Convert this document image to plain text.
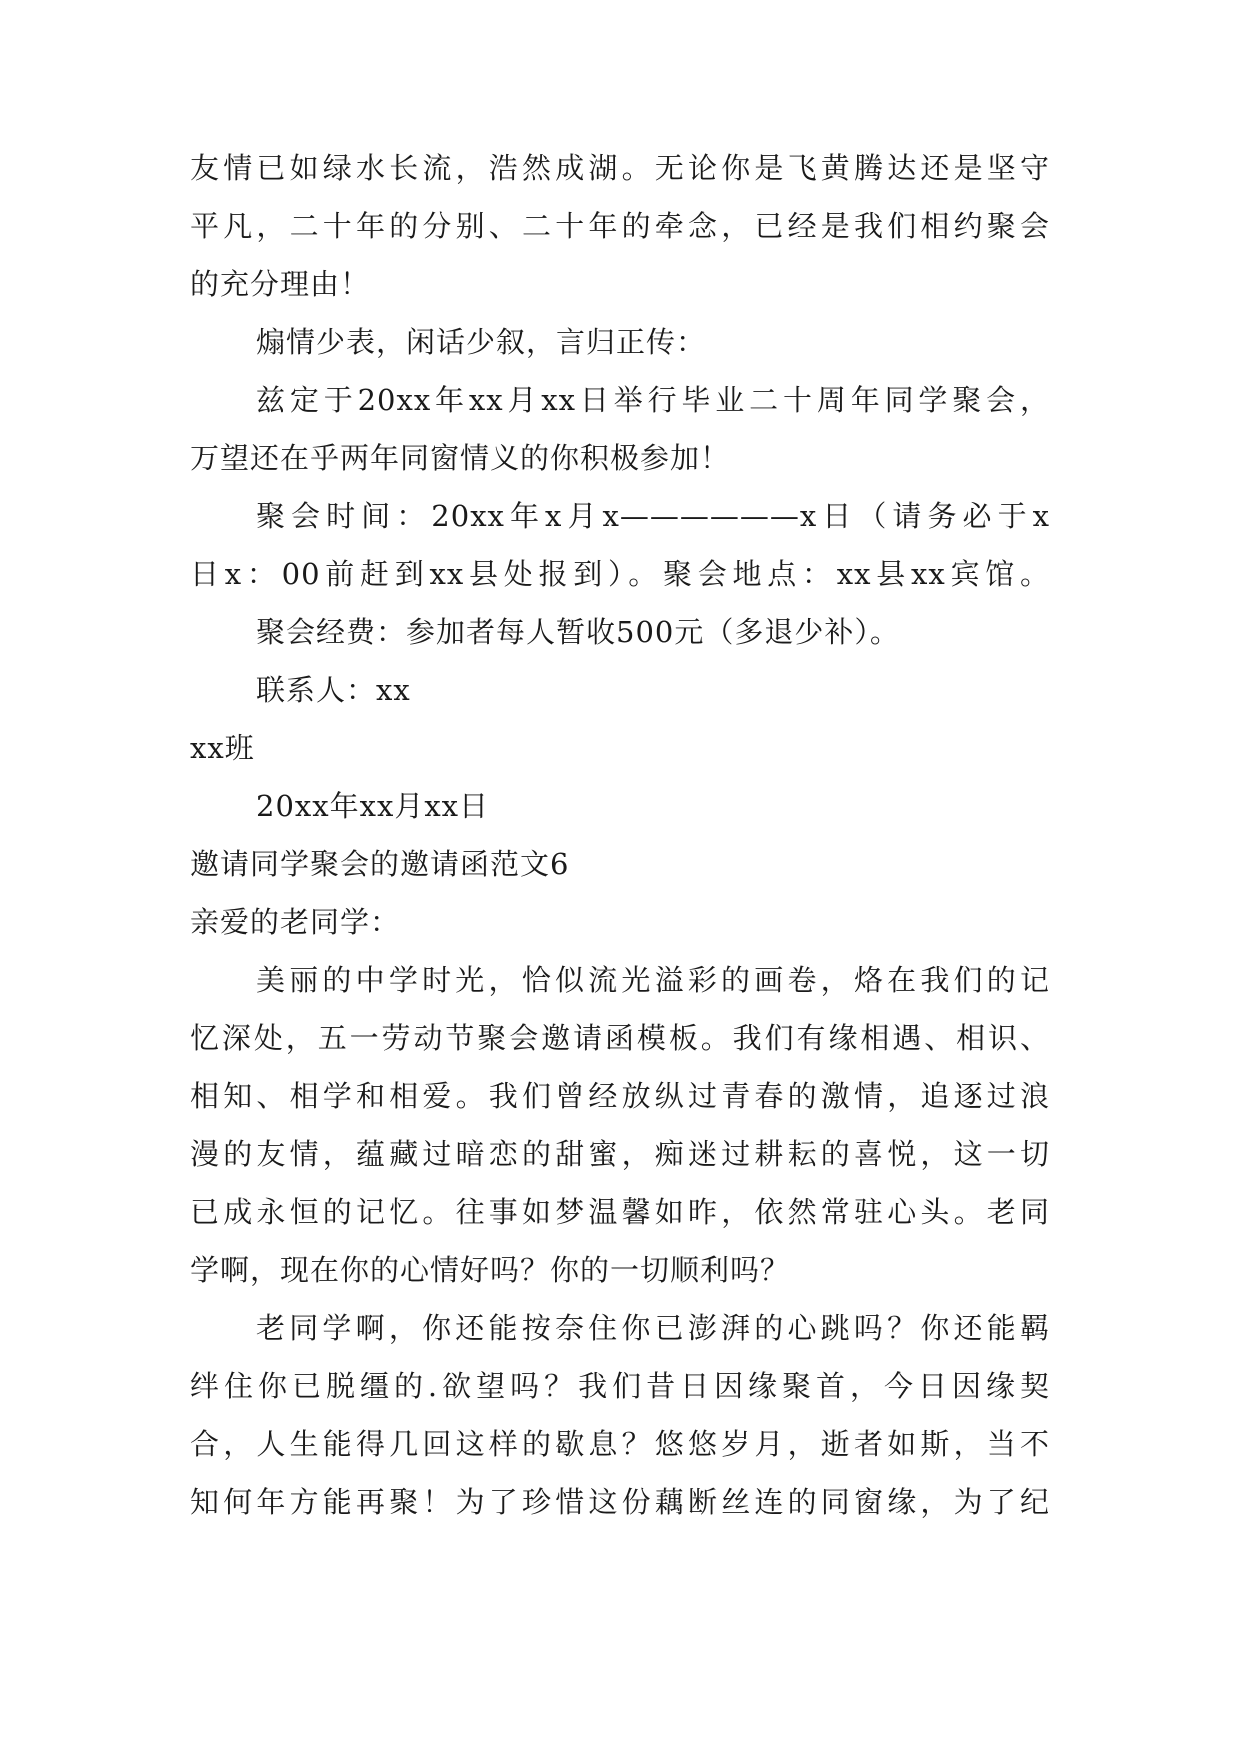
友情已如绿水长流，浩然成湖。无论你是飞黄腾达还是坚守
平凡，二十年的分别、二十年的牵念，已经是我们相约聚会
的充分理由！
煽情少表，闲话少叙，言归正传：
兹定于20xx年xx月xx日举行毕业二十周年同学聚会，
万望还在乎两年同窗情义的你积极参加！
聚会时间：20xx年x月x——————x日（请务必于x
日x：00前赶到xx县处报到）。聚会地点：xx县xx宾馆。
聚会经费：参加者每人暂收500元（多退少补）。
联系人：xx
xx班
20xx年xx月xx日
邀请同学聚会的邀请函范文6
亲爱的老同学：
美丽的中学时光，恰似流光溢彩的画卷，烙在我们的记
忆深处，五一劳动节聚会邀请函模板。我们有缘相遇、相识、
相知、相学和相爱。我们曾经放纵过青春的激情，追逐过浪
漫的友情，蕴藏过暗恋的甜蜜，痴迷过耕耘的喜悦，这一切
已成永恒的记忆。往事如梦温馨如昨，依然常驻心头。老同
学啊，现在你的心情好吗？你的一切顺利吗？
老同学啊，你还能按奈住你已澎湃的心跳吗？你还能羁
绊住你已脱缰的.欲望吗？我们昔日因缘聚首，今日因缘契
合，人生能得几回这样的歇息？悠悠岁月，逝者如斯，当不
知何年方能再聚！为了珍惜这份藕断丝连的同窗缘，为了纪
